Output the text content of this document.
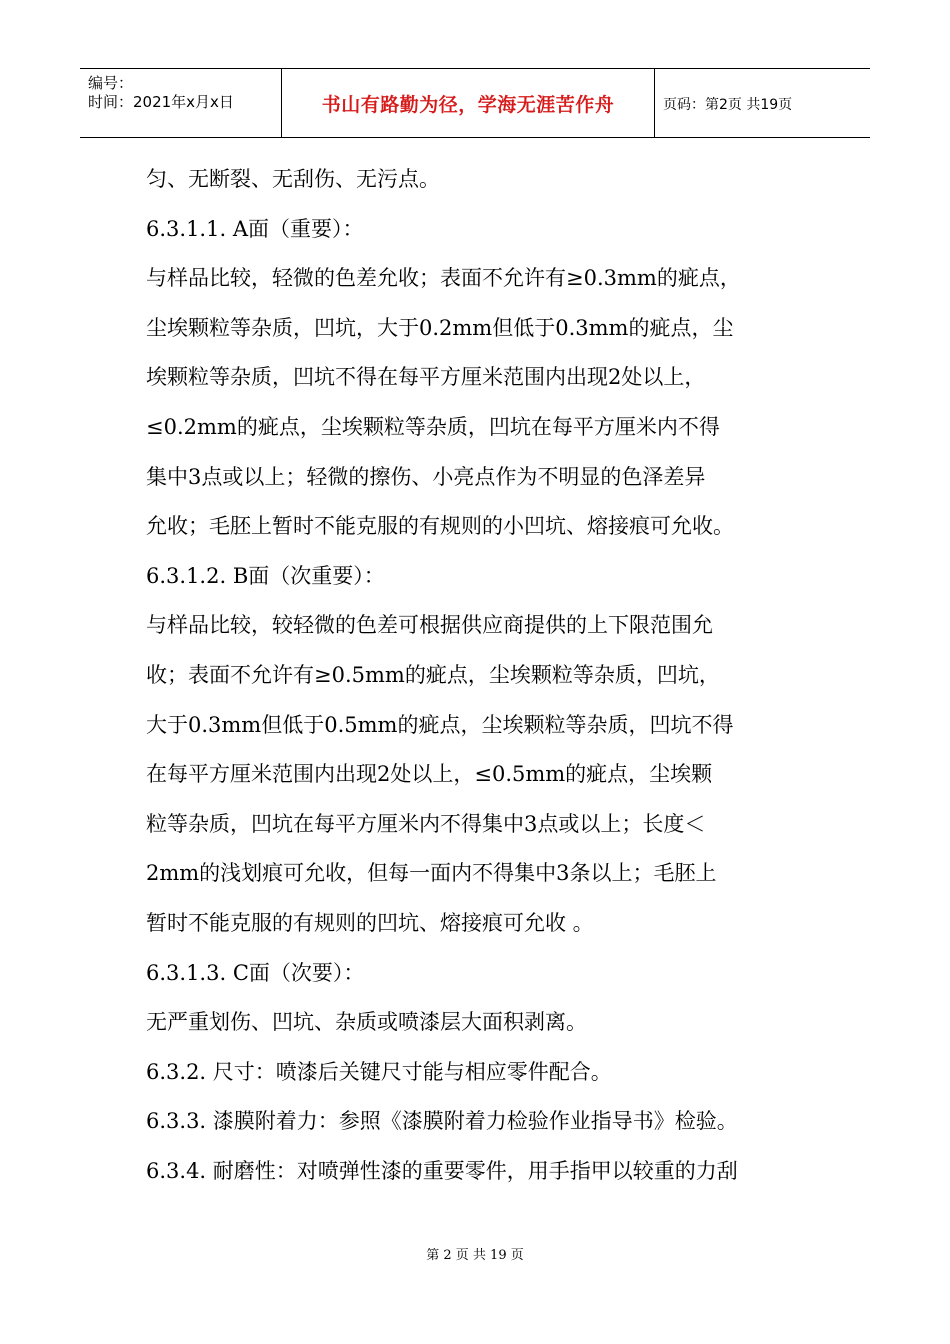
编号：
时间：2021年x月x日	书山有路勤为径，学海无涯苦作舟	页码：第2页 共19页
匀、无断裂、无刮伤、无污点。
6.3.1.1. A面（重要）：
与样品比较，轻微的色差允收；表面不允许有≥0.3mm的疵点，
尘埃颗粒等杂质，凹坑，大于0.2mm但低于0.3mm的疵点，尘
埃颗粒等杂质，凹坑不得在每平方厘米范围内出现2处以上，
≤0.2mm的疵点，尘埃颗粒等杂质，凹坑在每平方厘米内不得
集中3点或以上；轻微的擦伤、小亮点作为不明显的色泽差异
允收；毛胚上暂时不能克服的有规则的小凹坑、熔接痕可允收。
6.3.1.2. B面（次重要）：
与样品比较，较轻微的色差可根据供应商提供的上下限范围允
收；表面不允许有≥0.5mm的疵点，尘埃颗粒等杂质，凹坑，
大于0.3mm但低于0.5mm的疵点，尘埃颗粒等杂质，凹坑不得
在每平方厘米范围内出现2处以上，≤0.5mm的疵点，尘埃颗
粒等杂质，凹坑在每平方厘米内不得集中3点或以上；长度＜
2mm的浅划痕可允收，但每一面内不得集中3条以上；毛胚上
暂时不能克服的有规则的凹坑、熔接痕可允收 。
6.3.1.3. C面（次要）：
无严重划伤、凹坑、杂质或喷漆层大面积剥离。
6.3.2. 尺寸：喷漆后关键尺寸能与相应零件配合。
6.3.3. 漆膜附着力：参照《漆膜附着力检验作业指导书》检验。
6.3.4. 耐磨性：对喷弹性漆的重要零件，用手指甲以较重的力刮
第 2 页 共 19 页
